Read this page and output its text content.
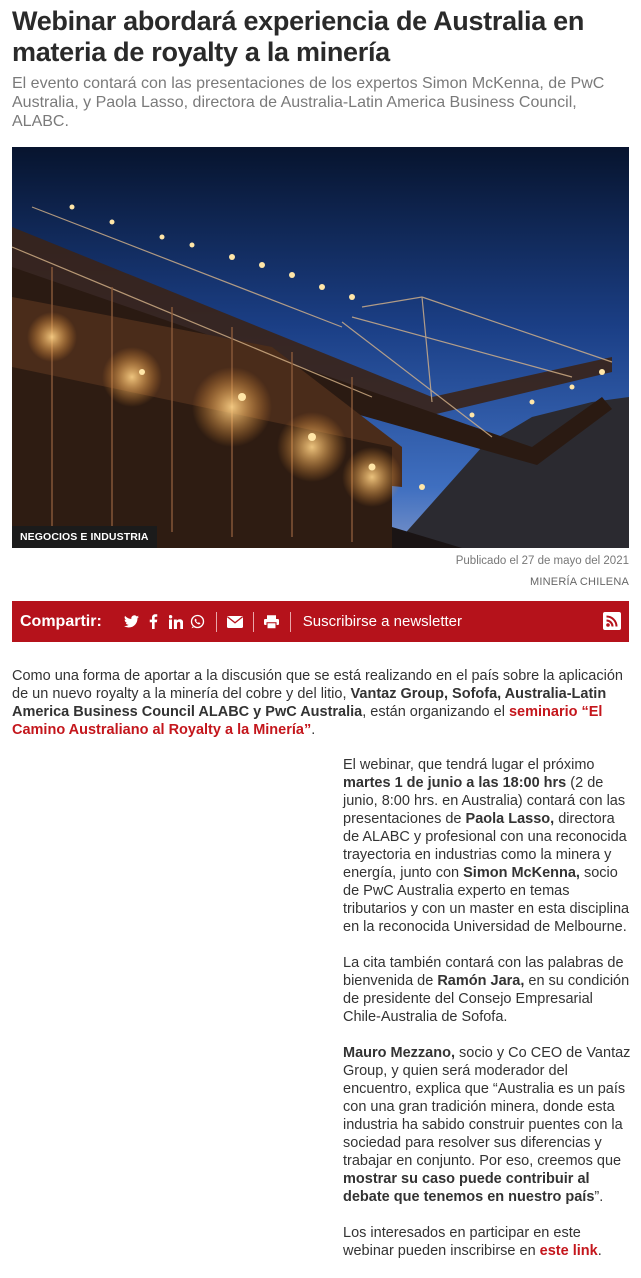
Webinar abordará experiencia de Australia en materia de royalty a la minería

El evento contará con las presentaciones de los expertos Simon McKenna, de PwC Australia, y Paola Lasso, directora de Australia-Latin America Business Council, ALABC.

NEGOCIOS E INDUSTRIA
Publicado el 27 de mayo del 2021
MINERÍA CHILENA
Compartir:	Suscribirse a newsletter

Como una forma de aportar a la discusión que se está realizando en el país sobre la aplicación de un nuevo royalty a la minería del cobre y del litio, Vantaz Group, Sofofa, Australia-Latin America Business Council ALABC y PwC Australia, están organizando el seminario “El Camino Australiano al Royalty a la Minería”.

El webinar, que tendrá lugar el próximo martes 1 de junio a las 18:00 hrs (2 de junio, 8:00 hrs. en Australia) contará con las presentaciones de Paola Lasso, directora de ALABC y profesional con una reconocida trayectoria en industrias como la minera y energía, junto con Simon McKenna, socio de PwC Australia experto en temas tributarios y con un master en esta disciplina en la reconocida Universidad de Melbourne.

La cita también contará con las palabras de bienvenida de Ramón Jara, en su condición de presidente del Consejo Empresarial Chile-Australia de Sofofa.

Mauro Mezzano, socio y Co CEO de Vantaz Group, y quien será moderador del encuentro, explica que “Australia es un país con una gran tradición minera, donde esta industria ha sabido construir puentes con la sociedad para resolver sus diferencias y trabajar en conjunto. Por eso, creemos que mostrar su caso puede contribuir al debate que tenemos en nuestro país”.

Los interesados en participar en este webinar pueden inscribirse en este link.
